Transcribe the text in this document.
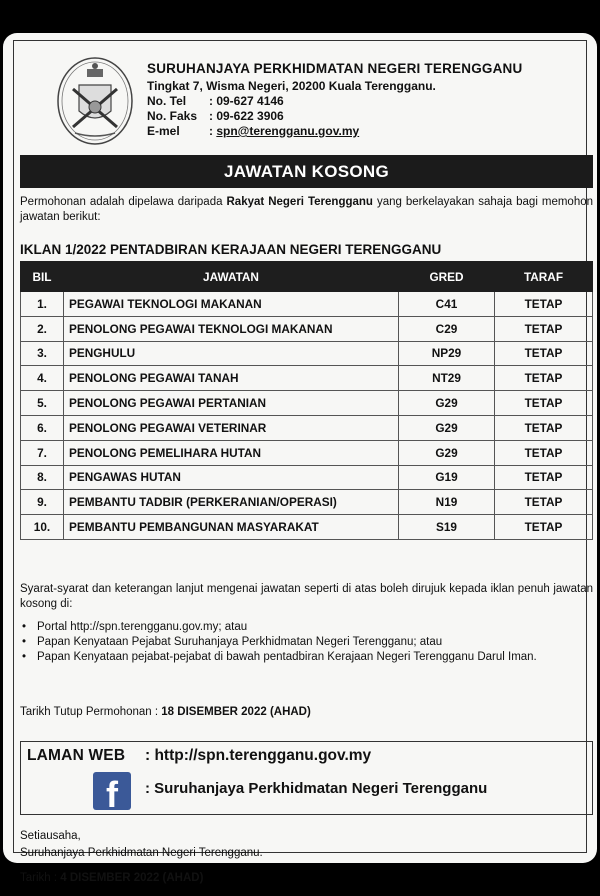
SURUHANJAYA PERKHIDMATAN NEGERI TERENGGANU
Tingkat 7, Wisma Negeri, 20200 Kuala Terengganu.
No. Tel	: 09-627 4146
No. Faks : 09-622 3906
E-mel	: spn@terengganu.gov.my
JAWATAN KOSONG
Permohonan adalah dipelawa daripada Rakyat Negeri Terengganu yang berkelayakan sahaja bagi memohon jawatan berikut:
IKLAN 1/2022 PENTADBIRAN KERAJAAN NEGERI TERENGGANU
BIL	JAWATAN	GRED	TARAF
1.	PEGAWAI TEKNOLOGI MAKANAN	C41	TETAP
2.	PENOLONG PEGAWAI TEKNOLOGI MAKANAN	C29	TETAP
3.	PENGHULU	NP29	TETAP
4.	PENOLONG PEGAWAI TANAH	NT29	TETAP
5.	PENOLONG PEGAWAI PERTANIAN	G29	TETAP
6.	PENOLONG PEGAWAI VETERINAR	G29	TETAP
7.	PENOLONG PEMELIHARA HUTAN	G29	TETAP
8.	PENGAWAS HUTAN	G19	TETAP
9.	PEMBANTU TADBIR (PERKERANIAN/OPERASI)	N19	TETAP
10.	PEMBANTU PEMBANGUNAN MASYARAKAT	S19	TETAP
Syarat-syarat dan keterangan lanjut mengenai jawatan seperti di atas boleh dirujuk kepada iklan penuh jawatan kosong di:
• Portal http://spn.terengganu.gov.my; atau
• Papan Kenyataan Pejabat Suruhanjaya Perkhidmatan Negeri Terengganu; atau
• Papan Kenyataan pejabat-pejabat di bawah pentadbiran Kerajaan Negeri Terengganu Darul Iman.
Tarikh Tutup Permohonan : 18 DISEMBER 2022 (AHAD)
LAMAN WEB : http://spn.terengganu.gov.my
f : Suruhanjaya Perkhidmatan Negeri Terengganu
Setiausaha,
Suruhanjaya Perkhidmatan Negeri Terengganu.
Tarikh : 4 DISEMBER 2022 (AHAD)
